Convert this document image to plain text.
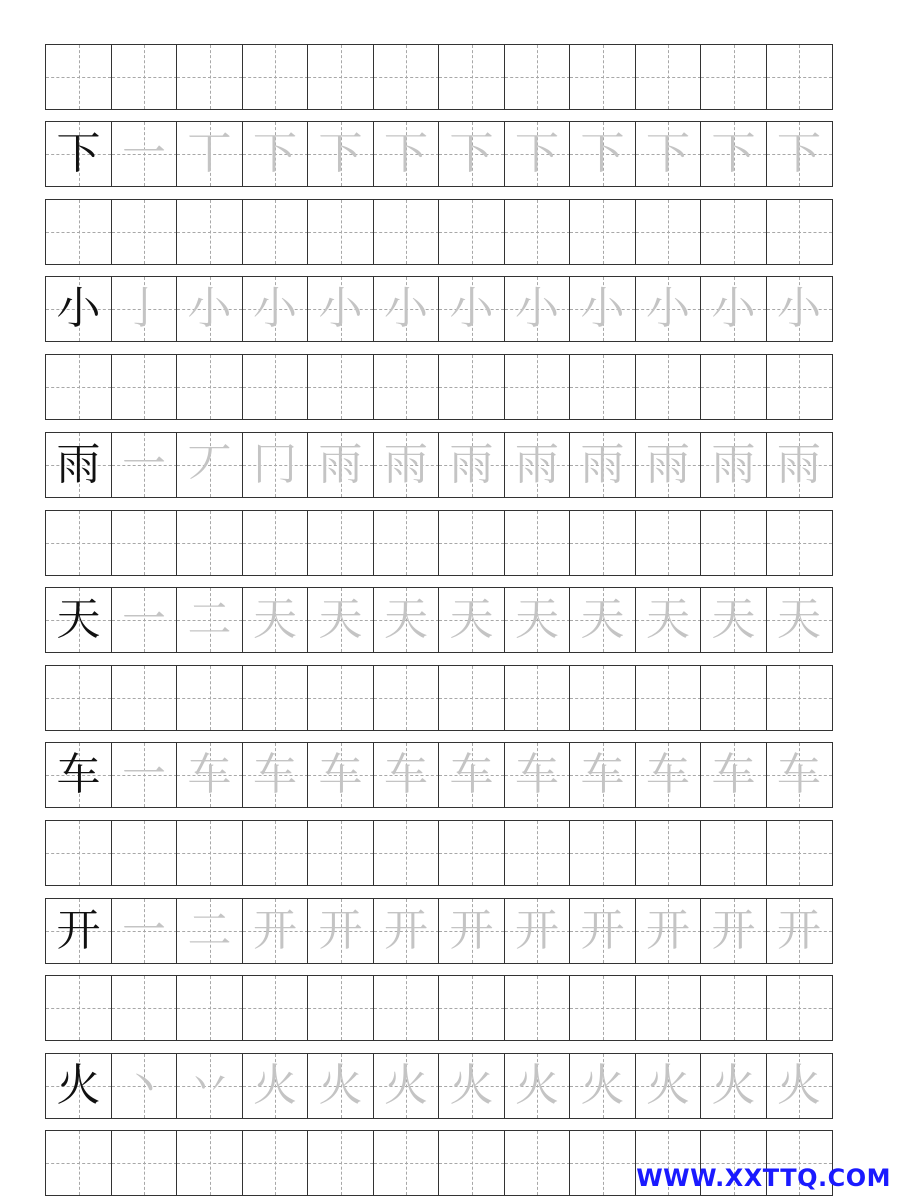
下 一 丅 下 下 下 下 下 下 下 下 下
小 亅 小 小 小 小 小 小 小 小 小 小
雨 一 丆 冂 雨 雨 雨 雨 雨 雨 雨 雨
天 一 二 天 天 天 天 天 天 天 天 天
车 一 车 车 车 车 车 车 车 车 车 车
开 一 二 开 开 开 开 开 开 开 开 开
火 丶 丷 火 火 火 火 火 火 火 火 火
WWW.XXTTQ.COM
